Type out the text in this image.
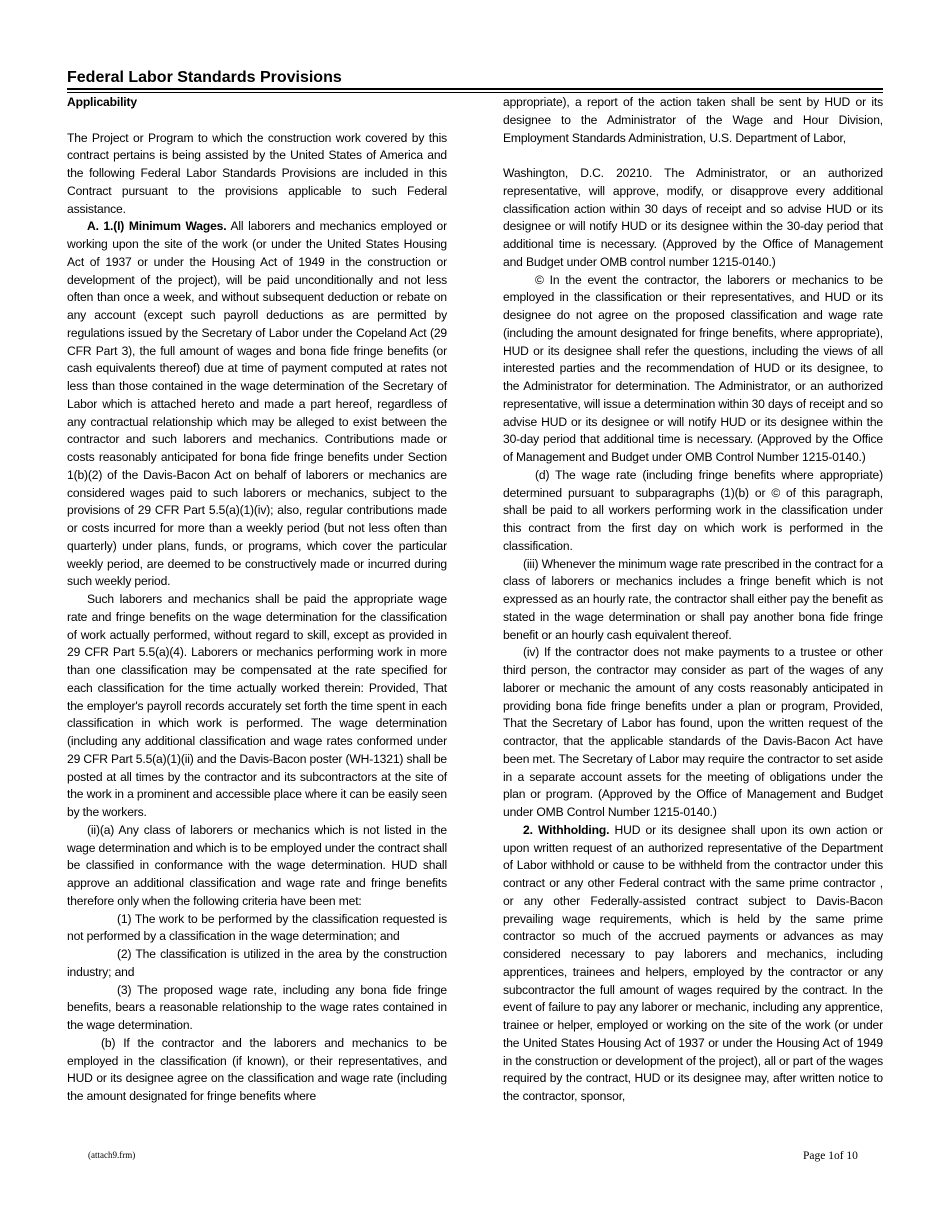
Federal Labor Standards Provisions

Applicability

The Project or Program to which the construction work covered by this contract pertains is being assisted by the United States of America and the following Federal Labor Standards Provisions are included in this Contract pursuant to the provisions applicable to such Federal assistance.

A. 1.(I) Minimum Wages. All laborers and mechanics employed or working upon the site of the work (or under the United States Housing Act of 1937 or under the Housing Act of 1949 in the construction or development of the project), will be paid unconditionally and not less often than once a week, and without subsequent deduction or rebate on any account (except such payroll deductions as are permitted by regulations issued by the Secretary of Labor under the Copeland Act (29 CFR Part 3), the full amount of wages and bona fide fringe benefits (or cash equivalents thereof) due at time of payment computed at rates not less than those contained in the wage determination of the Secretary of Labor which is attached hereto and made a part hereof, regardless of any contractual relationship which may be alleged to exist between the contractor and such laborers and mechanics. Contributions made or costs reasonably anticipated for bona fide fringe benefits under Section 1(b)(2) of the Davis-Bacon Act on behalf of laborers or mechanics are considered wages paid to such laborers or mechanics, subject to the provisions of 29 CFR Part 5.5(a)(1)(iv); also, regular contributions made or costs incurred for more than a weekly period (but not less often than quarterly) under plans, funds, or programs, which cover the particular weekly period, are deemed to be constructively made or incurred during such weekly period.

Such laborers and mechanics shall be paid the appropriate wage rate and fringe benefits on the wage determination for the classification of work actually performed, without regard to skill, except as provided in 29 CFR Part 5.5(a)(4). Laborers or mechanics performing work in more than one classification may be compensated at the rate specified for each classification for the time actually worked therein: Provided, That the employer's payroll records accurately set forth the time spent in each classification in which work is performed. The wage determination (including any additional classification and wage rates conformed under 29 CFR Part 5.5(a)(1)(ii) and the Davis-Bacon poster (WH-1321) shall be posted at all times by the contractor and its subcontractors at the site of the work in a prominent and accessible place where it can be easily seen by the workers.

(ii)(a) Any class of laborers or mechanics which is not listed in the wage determination and which is to be employed under the contract shall be classified in conformance with the wage determination. HUD shall approve an additional classification and wage rate and fringe benefits therefore only when the following criteria have been met:

(1) The work to be performed by the classification requested is not performed by a classification in the wage determination; and

(2) The classification is utilized in the area by the construction industry; and

(3) The proposed wage rate, including any bona fide fringe benefits, bears a reasonable relationship to the wage rates contained in the wage determination.

(b) If the contractor and the laborers and mechanics to be employed in the classification (if known), or their representatives, and HUD or its designee agree on the classification and wage rate (including the amount designated for fringe benefits where

appropriate), a report of the action taken shall be sent by HUD or its designee to the Administrator of the Wage and Hour Division, Employment Standards Administration, U.S. Department of Labor,

Washington, D.C. 20210. The Administrator, or an authorized representative, will approve, modify, or disapprove every additional classification action within 30 days of receipt and so advise HUD or its designee or will notify HUD or its designee within the 30-day period that additional time is necessary. (Approved by the Office of Management and Budget under OMB control number 1215-0140.)

© In the event the contractor, the laborers or mechanics to be employed in the classification or their representatives, and HUD or its designee do not agree on the proposed classification and wage rate (including the amount designated for fringe benefits, where appropriate), HUD or its designee shall refer the questions, including the views of all interested parties and the recommendation of HUD or its designee, to the Administrator for determination. The Administrator, or an authorized representative, will issue a determination within 30 days of receipt and so advise HUD or its designee or will notify HUD or its designee within the 30-day period that additional time is necessary. (Approved by the Office of Management and Budget under OMB Control Number 1215-0140.)

(d) The wage rate (including fringe benefits where appropriate) determined pursuant to subparagraphs (1)(b) or © of this paragraph, shall be paid to all workers performing work in the classification under this contract from the first day on which work is performed in the classification.

(iii) Whenever the minimum wage rate prescribed in the contract for a class of laborers or mechanics includes a fringe benefit which is not expressed as an hourly rate, the contractor shall either pay the benefit as stated in the wage determination or shall pay another bona fide fringe benefit or an hourly cash equivalent thereof.

(iv) If the contractor does not make payments to a trustee or other third person, the contractor may consider as part of the wages of any laborer or mechanic the amount of any costs reasonably anticipated in providing bona fide fringe benefits under a plan or program, Provided, That the Secretary of Labor has found, upon the written request of the contractor, that the applicable standards of the Davis-Bacon Act have been met. The Secretary of Labor may require the contractor to set aside in a separate account assets for the meeting of obligations under the plan or program. (Approved by the Office of Management and Budget under OMB Control Number 1215-0140.)

2. Withholding. HUD or its designee shall upon its own action or upon written request of an authorized representative of the Department of Labor withhold or cause to be withheld from the contractor under this contract or any other Federal contract with the same prime contractor , or any other Federally-assisted contract subject to Davis-Bacon prevailing wage requirements, which is held by the same prime contractor so much of the accrued payments or advances as may considered necessary to pay laborers and mechanics, including apprentices, trainees and helpers, employed by the contractor or any subcontractor the full amount of wages required by the contract. In the event of failure to pay any laborer or mechanic, including any apprentice, trainee or helper, employed or working on the site of the work (or under the United States Housing Act of 1937 or under the Housing Act of 1949 in the construction or development of the project), all or part of the wages required by the contract, HUD or its designee may, after written notice to the contractor, sponsor,

(attach9.frm)	Page 1of 10
